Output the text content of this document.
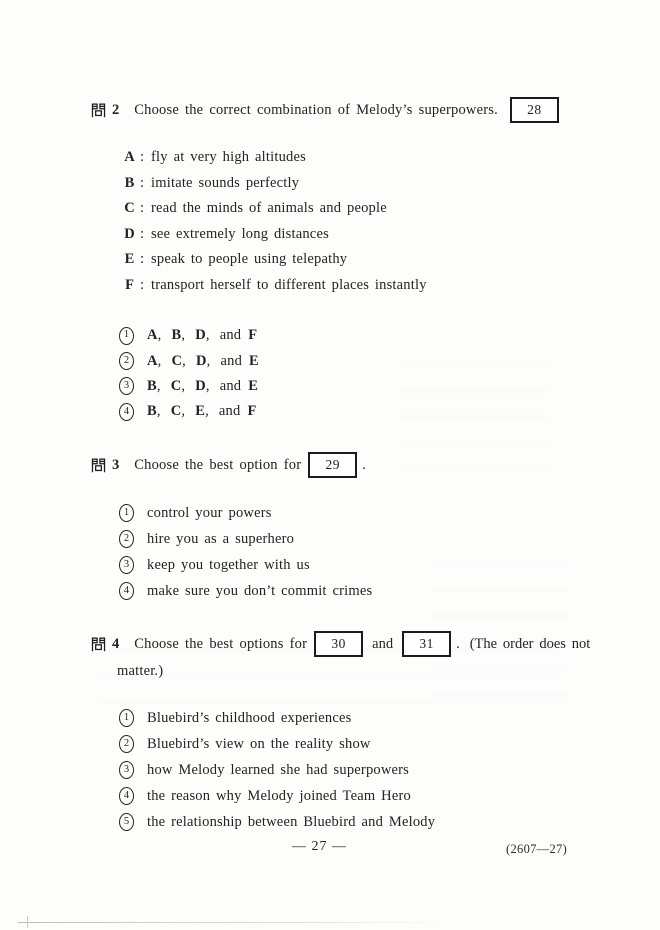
2 Choose the correct combination of Melody’s superpowers.	28
A : fly at very high altitudes
B : imitate sounds perfectly
C : read the minds of animals and people
D : see extremely long distances
E : speak to people using telepathy
F : transport herself to different places instantly
1	A, B, D, and F
2	A, C, D, and E
3	B, C, D, and E
4	B, C, E, and F
3 Choose the best option for	29	.
1	control your powers
2	hire you as a superhero
3	keep you together with us
4	make sure you don’t commit crimes
4 Choose the best options for	30	and	31	. (The order does not
matter.)
1	Bluebird’s childhood experiences
2	Bluebird’s view on the reality show
3	how Melody learned she had superpowers
4	the reason why Melody joined Team Hero
5	the relationship between Bluebird and Melody
— 27 —	(2607—27)
